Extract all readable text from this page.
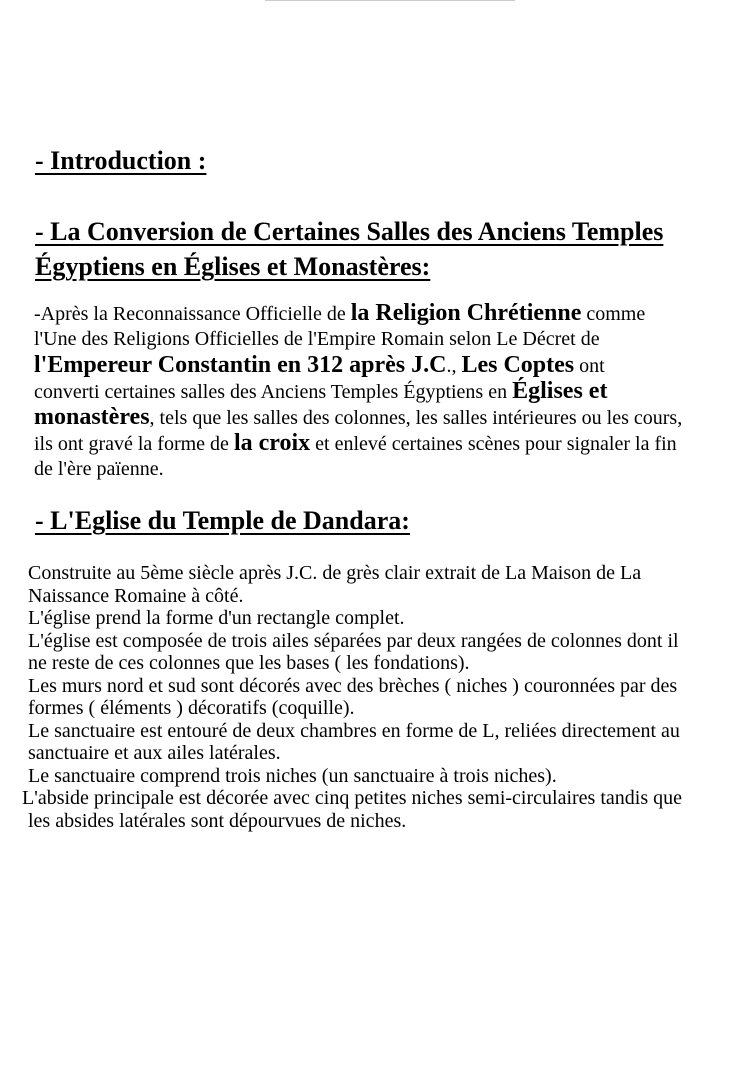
- Introduction :
- La Conversion de Certaines Salles des Anciens Temples
Égyptiens en Églises et Monastères:
-Après la Reconnaissance Officielle de la Religion Chrétienne comme
l'Une des Religions Officielles de l'Empire Romain selon Le Décret de
l'Empereur Constantin en 312 après J.C., Les Coptes ont
converti certaines salles des Anciens Temples Égyptiens en Églises et
monastères, tels que les salles des colonnes, les salles intérieures ou les cours,
ils ont gravé la forme de la croix et enlevé certaines scènes pour signaler la fin
de l'ère païenne.
- L'Eglise du Temple de Dandara:
Construite au 5ème siècle après J.C. de grès clair extrait de La Maison de La
Naissance Romaine à côté.
L'église prend la forme d'un rectangle complet.
L'église est composée de trois ailes séparées par deux rangées de colonnes dont il
ne reste de ces colonnes que les bases ( les fondations).
Les murs nord et sud sont décorés avec des brèches ( niches ) couronnées par des
formes ( éléments ) décoratifs (coquille).
Le sanctuaire est entouré de deux chambres en forme de L, reliées directement au
sanctuaire et aux ailes latérales.
Le sanctuaire comprend trois niches (un sanctuaire à trois niches).
L'abside principale est décorée avec cinq petites niches semi-circulaires tandis que
les absides latérales sont dépourvues de niches.
